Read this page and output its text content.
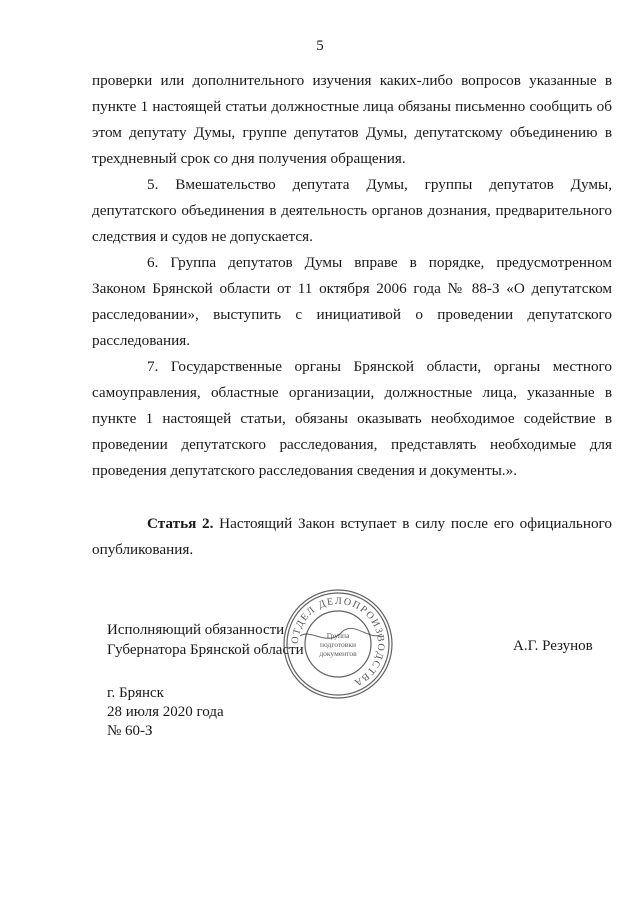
5

проверки или дополнительного изучения каких-либо вопросов указанные в пункте 1 настоящей статьи должностные лица обязаны письменно сообщить об этом депутату Думы, группе депутатов Думы, депутатскому объединению в трехдневный срок со дня получения обращения.

5. Вмешательство депутата Думы, группы депутатов Думы, депутатского объединения в деятельность органов дознания, предварительного следствия и судов не допускается.

6. Группа депутатов Думы вправе в порядке, предусмотренном Законом Брянской области от 11 октября 2006 года № 88-З «О депутатском расследовании», выступить с инициативой о проведении депутатского расследования.

7. Государственные органы Брянской области, органы местного самоуправления, областные организации, должностные лица, указанные в пункте 1 настоящей статьи, обязаны оказывать необходимое содействие в проведении депутатского расследования, представлять необходимые для проведения депутатского расследования сведения и документы.».

Статья 2. Настоящий Закон вступает в силу после его официального опубликования.

Исполняющий обязанности
Губернатора Брянской области	А.Г. Резунов
г. Брянск
28 июля 2020 года
№ 60-З
ОТДЕЛ ДЕЛОПРОИЗВОДСТВА
Группа
подготовки
документов
